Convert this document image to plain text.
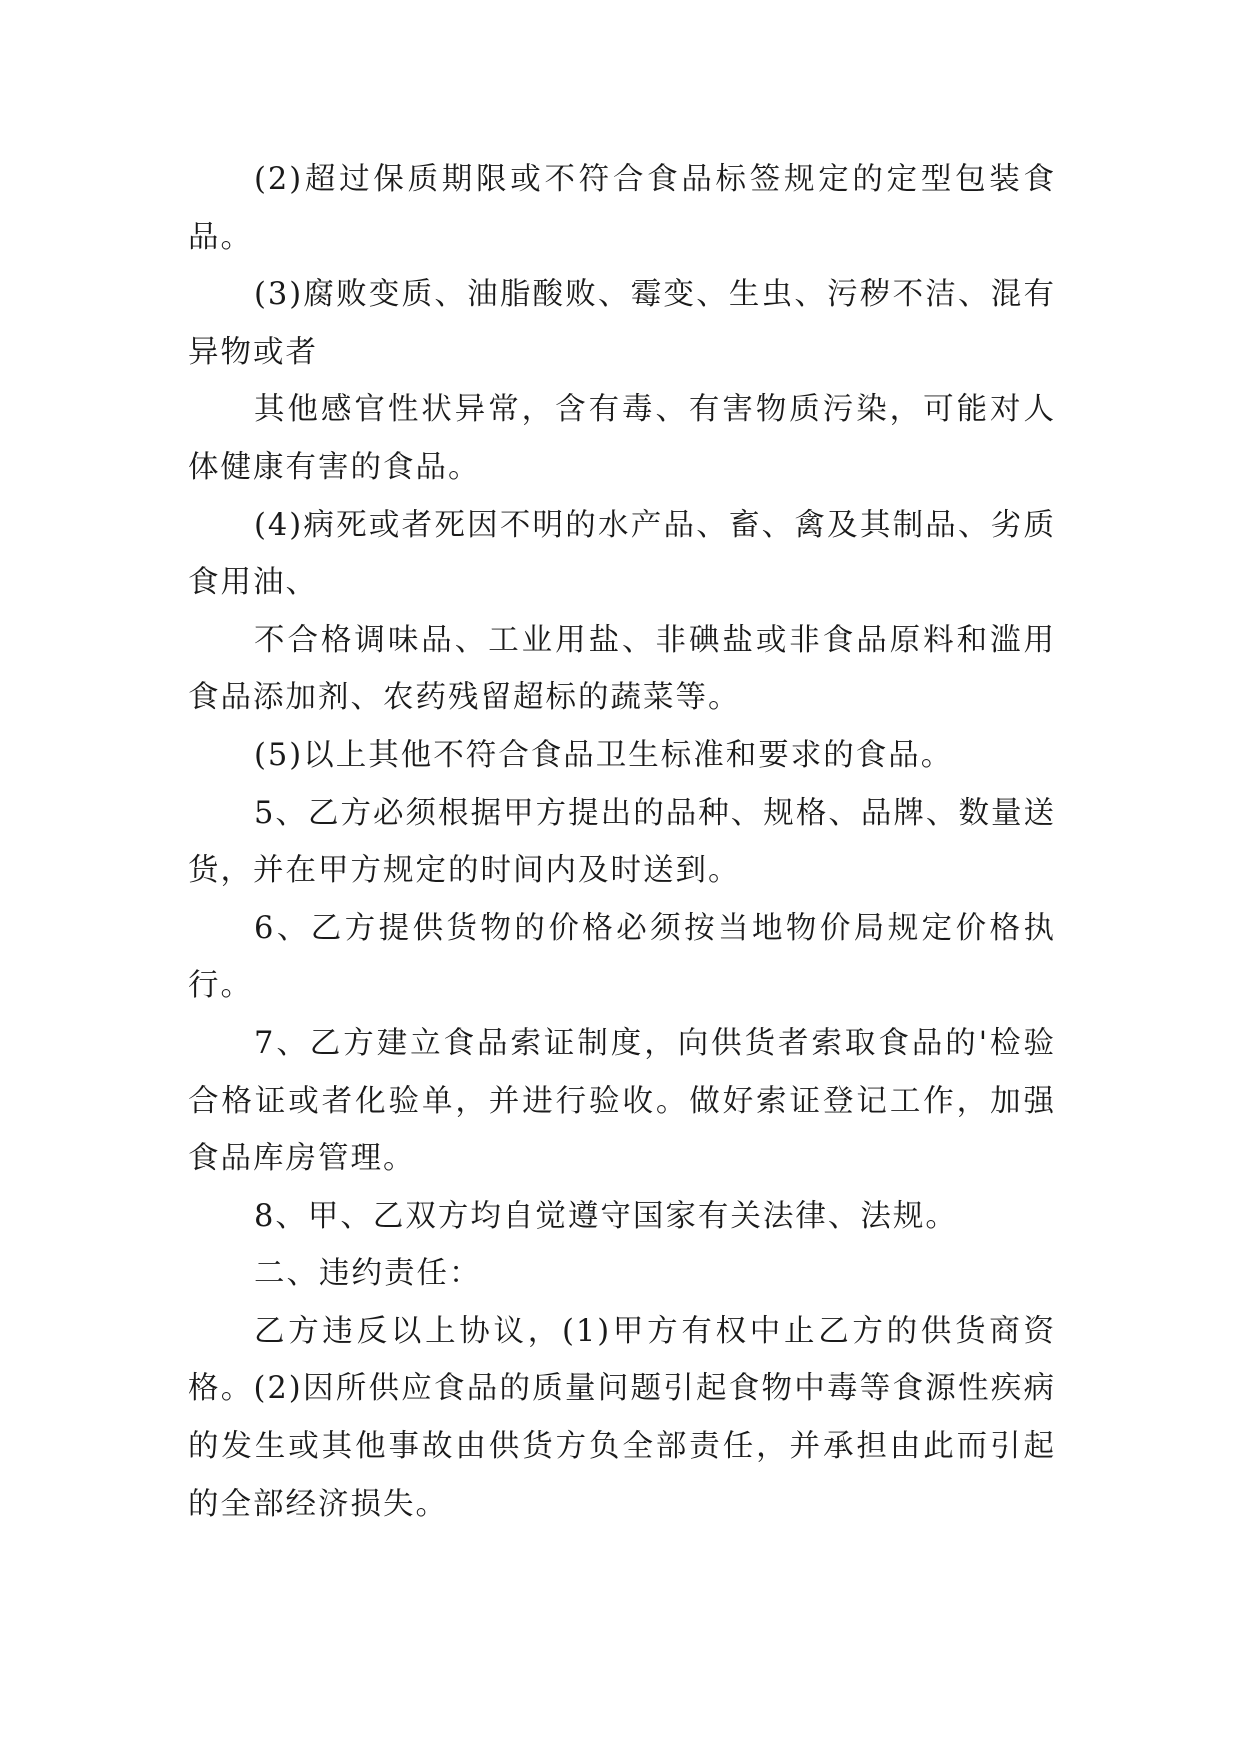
(2)超过保质期限或不符合食品标签规定的定型包装食品。

(3)腐败变质、油脂酸败、霉变、生虫、污秽不洁、混有异物或者

其他感官性状异常，含有毒、有害物质污染，可能对人体健康有害的食品。

(4)病死或者死因不明的水产品、畜、禽及其制品、劣质食用油、

不合格调味品、工业用盐、非碘盐或非食品原料和滥用食品添加剂、农药残留超标的蔬菜等。

(5)以上其他不符合食品卫生标准和要求的食品。

5、乙方必须根据甲方提出的品种、规格、品牌、数量送货，并在甲方规定的时间内及时送到。

6、乙方提供货物的价格必须按当地物价局规定价格执行。

7、乙方建立食品索证制度，向供货者索取食品的'检验合格证或者化验单，并进行验收。做好索证登记工作，加强食品库房管理。

8、甲、乙双方均自觉遵守国家有关法律、法规。

二、违约责任：

乙方违反以上协议，(1)甲方有权中止乙方的供货商资格。(2)因所供应食品的质量问题引起食物中毒等食源性疾病的发生或其他事故由供货方负全部责任，并承担由此而引起的全部经济损失。
